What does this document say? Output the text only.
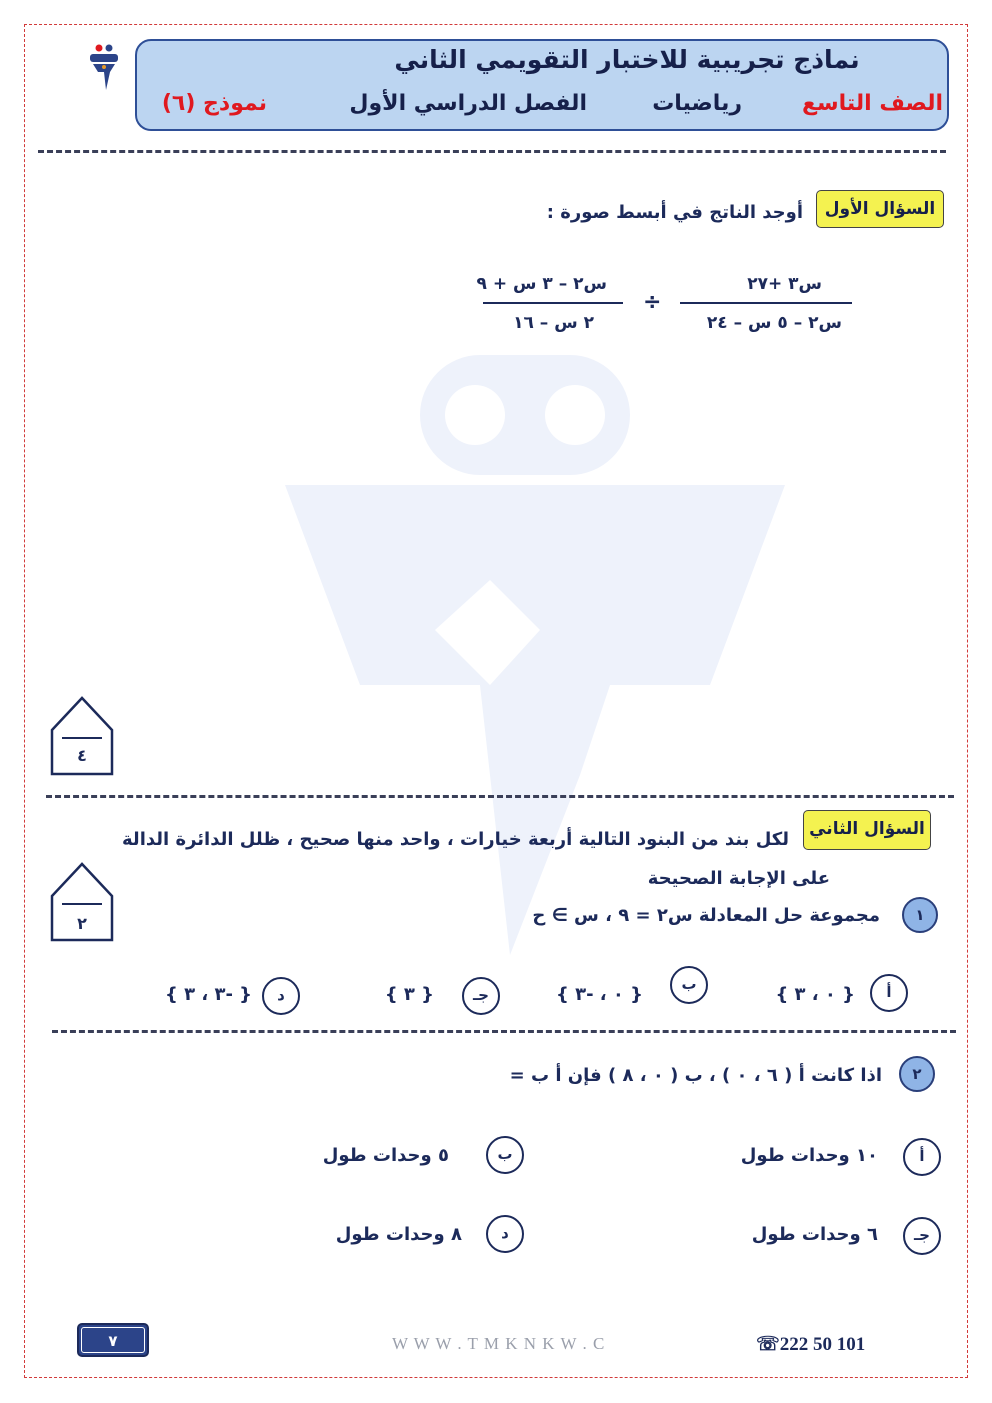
نماذج تجريبية للاختبار التقويمي الثاني
الصف التاسع
رياضيات
الفصل الدراسي الأول
نموذج (٦)
السؤال الأول
أوجد الناتج في أبسط صورة :
س٣ +٢٧
س٢ – ٥ س – ٢٤
÷
س٢ – ٣ س + ٩
٢ س – ١٦
٤
السؤال الثاني
لكل بند من البنود التالية أربعة خيارات ، واحد منها صحيح ، ظلل الدائرة الدالة
على الإجابة الصحيحة
٢	١
مجموعة حل المعادلة س٢ = ٩ ، س ∋ ح
أ
{ ٠ ، ٣ }
ب
{ ٠ ، -٣ }
جـ
{ ٣ }
د
{ -٣ ، ٣ }
٢
اذا كانت أ ( ٦ ، ٠ ) ، ب ( ٠ ، ٨ ) فإن أ ب =
أ
١٠ وحدات طول
ب
٥ وحدات طول
جـ
٦ وحدات طول
د
٨ وحدات طول
٧	W W W . T M K N K W . C	☏222 50 101
